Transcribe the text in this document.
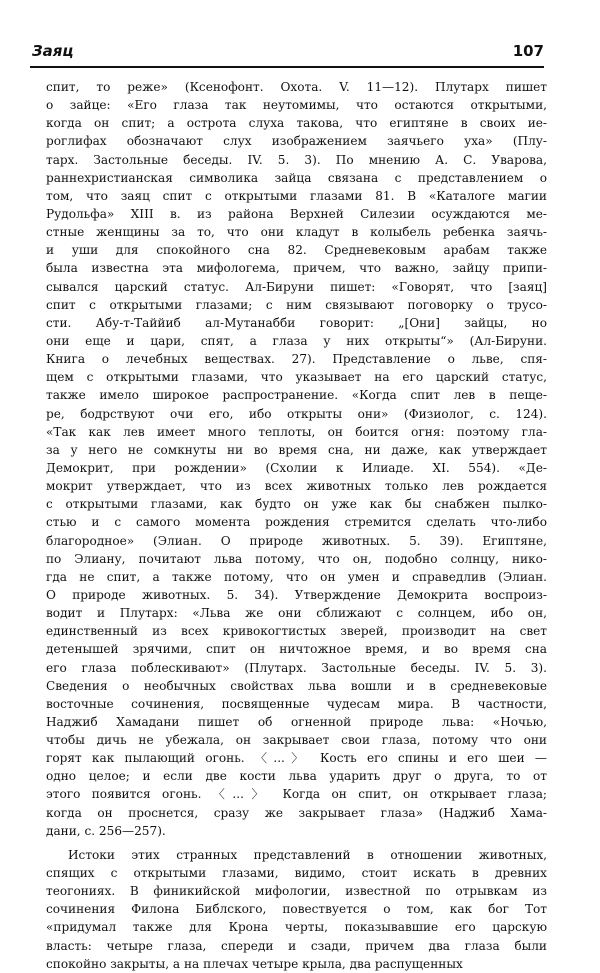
Заяц	107
спит, то реже» (Ксенофонт. Охота. V. 11—12). Плутарх пишет
о зайце: «Его глаза так неутомимы, что остаются открытыми,
когда он спит; а острота слуха такова, что египтяне в своих ие-
роглифах обозначают слух изображением заячьего уха» (Плу-
тарх. Застольные беседы. IV. 5. 3). По мнению А. С. Уварова,
раннехристианская символика зайца связана с представлением о
том, что заяц спит с открытыми глазами 81. В «Каталоге магии
Рудольфа» XIII в. из района Верхней Силезии осуждаются ме-
стные женщины за то, что они кладут в колыбель ребенка заячь-
и уши для спокойного сна 82. Средневековым арабам также
была известна эта мифологема, причем, что важно, зайцу припи-
сывался царский статус. Ал-Бируни пишет: «Говорят, что [заяц]
спит с открытыми глазами; с ним связывают поговорку о трусо-
сти. Абу-т-Таййиб ал-Мутанабби говорит: „[Они] зайцы, но
они еще и цари, спят, а глаза у них открыты“» (Ал-Бируни.
Книга о лечебных веществах. 27). Представление о льве, спя-
щем с открытыми глазами, что указывает на его царский статус,
также имело широкое распространение. «Когда спит лев в пеще-
ре, бодрствуют очи его, ибо открыты они» (Физиолог, с. 124).
«Так как лев имеет много теплоты, он боится огня: поэтому гла-
за у него не сомкнуты ни во время сна, ни даже, как утверждает
Демокрит, при рождении» (Схолии к Илиаде. XI. 554). «Де-
мокрит утверждает, что из всех животных только лев рождается
с открытыми глазами, как будто он уже как бы снабжен пылко-
стью и с самого момента рождения стремится сделать что-либо
благородное» (Элиан. О природе животных. 5. 39). Египтяне,
по Элиану, почитают льва потому, что он, подобно солнцу, нико-
гда не спит, а также потому, что он умен и справедлив (Элиан.
О природе животных. 5. 34). Утверждение Демокрита воспроиз-
водит и Плутарх: «Льва же они сближают с солнцем, ибо он,
единственный из всех кривокогтистых зверей, производит на свет
детенышей зрячими, спит он ничтожное время, и во время сна
его глаза поблескивают» (Плутарх. Застольные беседы. IV. 5. 3).
Сведения о необычных свойствах льва вошли и в средневековые
восточные сочинения, посвященные чудесам мира. В частности,
Наджиб Хамадани пишет об огненной природе льва: «Ночью,
чтобы дичь не убежала, он закрывает свои глаза, потому что они
горят как пылающий огонь. 〈...〉 Кость его спины и его шеи —
одно целое; и если две кости льва ударить друг о друга, то от
этого появится огонь. 〈...〉 Когда он спит, он открывает глаза;
когда он проснется, сразу же закрывает глаза» (Наджиб Хама-
дани, с. 256—257).
Истоки этих странных представлений в отношении животных,
спящих с открытыми глазами, видимо, стоит искать в древних
теогониях. В финикийской мифологии, известной по отрывкам из
сочинения Филона Библского, повествуется о том, как бог Тот
«придумал также для Крона черты, показывавшие его царскую
власть: четыре глаза, спереди и сзади, причем два глаза были
спокойно закрыты, а на плечах четыре крыла, два распущенных
